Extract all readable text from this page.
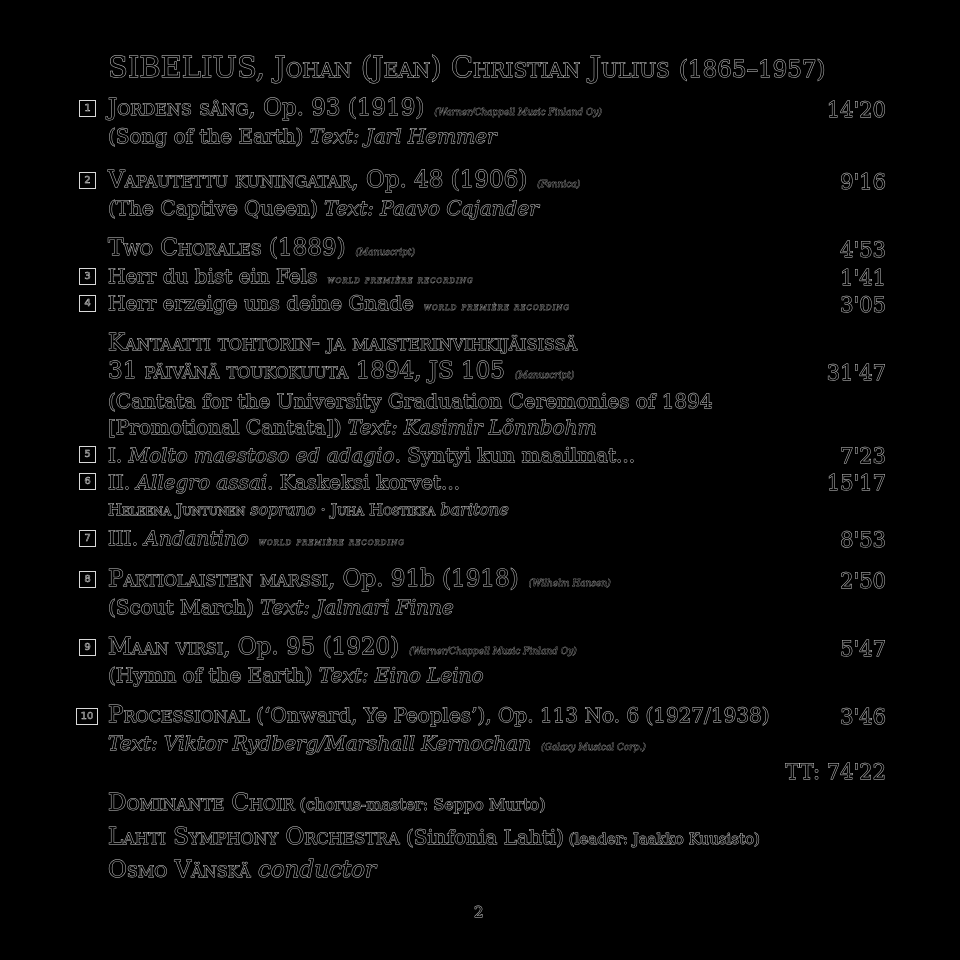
SIBELIUS, Johan (Jean) Christian Julius (1865–1957)
1 Jordens sång, Op. 93 (1919) (Warner/Chappell Music Finland Oy)	14'20
(Song of the Earth) Text: Jarl Hemmer
2 Vapautettu kuningatar, Op. 48 (1906) (Fennica)	9'16
(The Captive Queen) Text: Paavo Cajander
Two Chorales (1889) (Manuscript)	4'53
3 Herr du bist ein Fels world première recording	1'41
4 Herr erzeige uns deine Gnade world première recording	3'05
Kantaatti tohtorin- ja maisterinvihkijäisissä
31 päivänä toukokuuta 1894, JS 105 (Manuscript)	31'47
(Cantata for the University Graduation Ceremonies of 1894
[Promotional Cantata]) Text: Kasimir Lönnbohm
5 I. Molto maestoso ed adagio. Syntyi kun maailmat...	7'23
6 II. Allegro assai. Kaskeksi korvet...	15'17
Heleena Juntunen soprano · Juha Hostikka baritone
7 III. Andantino world première recording	8'53
8 Partiolaisten marssi, Op. 91b (1918) (Wilhelm Hansen)	2'50
(Scout March) Text: Jalmari Finne
9 Maan virsi, Op. 95 (1920) (Warner/Chappell Music Finland Oy)	5'47
(Hymn of the Earth) Text: Eino Leino
10 Processional (‘Onward, Ye Peoples’), Op. 113 No. 6 (1927/1938)	3'46
Text: Viktor Rydberg/Marshall Kernochan (Galaxy Musical Corp.)
TT: 74'22
Dominante Choir (chorus-master: Seppo Murto)
Lahti Symphony Orchestra (Sinfonia Lahti) (leader: Jaakko Kuusisto)
Osmo Vänskä conductor
2
